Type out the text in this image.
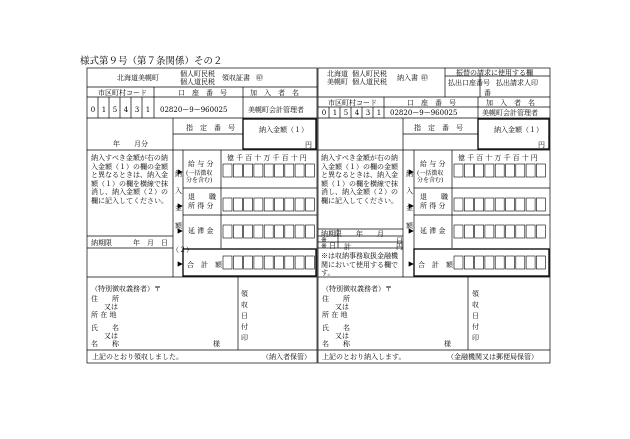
様式第９号（第７条関係）その２
北海道美幌町	個人町民税
個人道民税 領収証書 ㊞
市区町村コード	口　座　番　号	加　入　者　名
0 1 5 4 3 1	02820ー9ー960025	美幌町会計管理者
指　定　番　号
年　　月分
納入金額（１）
円
納入すべき金額が右の納入金額（１）の欄の金額と異なるときは、納入金額（１）の欄を横線で抹消し、納入金額（２）の欄に記入してください。
納期限　　　年　月　日
納
入
金
額
（２）
億千百十万千百十円
給 与 分
(一括徴収
分を含む)
退　　職
所 得 分
延 滞 金
合　計　額
（特別徴収義務者）〒
住　　所
又は
所 在 地
氏　　名
又は
名　　称	様
領
収
日
付
印
上記のとおり領収しました。	（納入者保管）
北海道
美幌町
個人町民税
個人道民税 納入書 ㊞
振替の請求に使用する欄
払出口座番号
番
払出請求人印
市区町村コード	口　座　番　号	加　入　者　名
0 1 5 4 3 1	02820ー9ー960025	美幌町会計管理者
指　定　番　号	納入金額（１）
円
納入すべき金額が右の納入金額（１）の欄の金額と異なるときは、納入金額（１）の欄を横線で抹消し、納入金額（２）の欄に記入してください。
納期限 年　　月
日
※
※ 日 計	円
※は収納事務取扱金融機関において使用する欄です。
納
入
金
額
億千百十万千百十円
給 与 分
(一括徴収
分を含む)
退　　職
所 得 分
延 滞 金
合　計　額
（特別徴収義務者）〒
住　　所
又は
所 在 地
氏　　名
又は
名　　称	様
領
収
日
付
印
上記のとおり納入します。	（金融機関又は郵便局保管）
